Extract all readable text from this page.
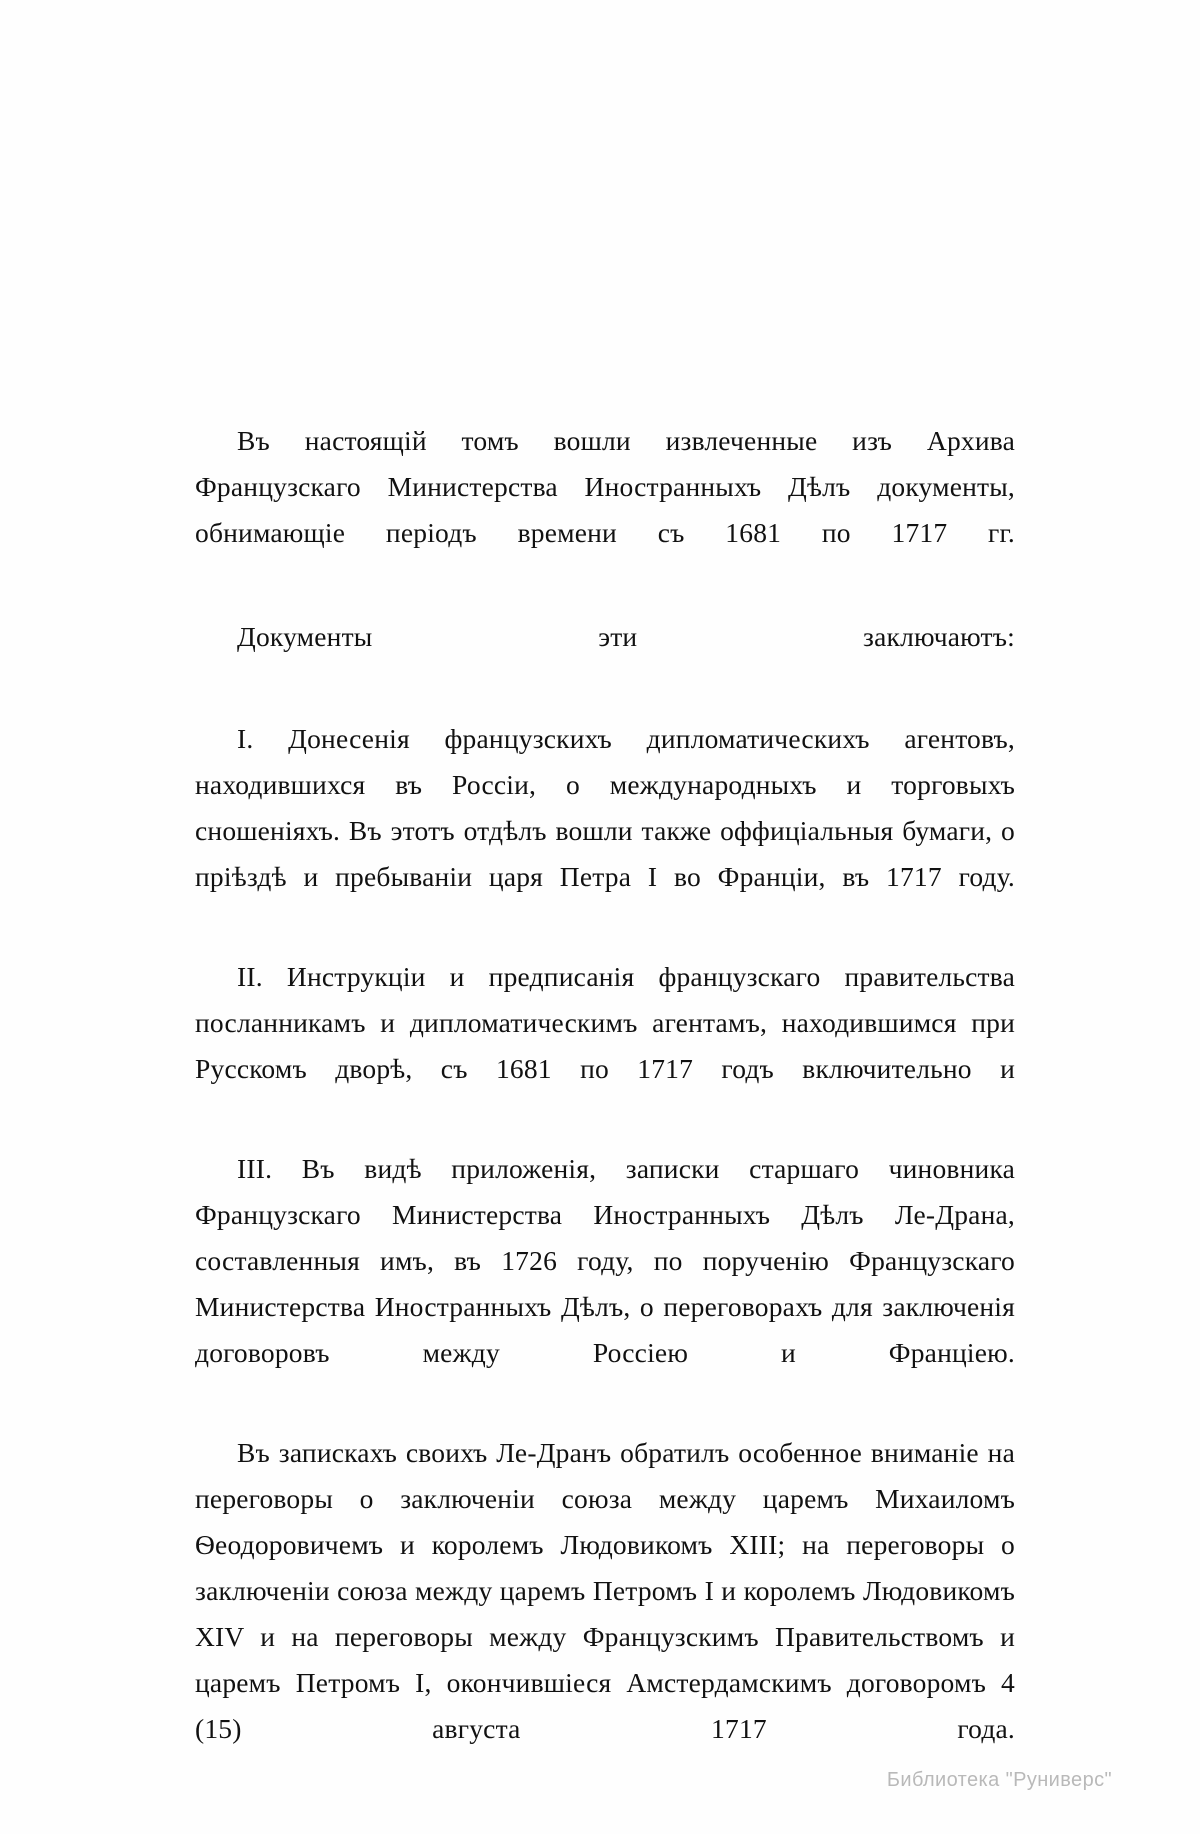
Въ настоящій томъ вошли извлеченные изъ Архива Французскаго Министерства Иностранныхъ Дѣлъ документы, обнимающіе періодъ времени съ 1681 по 1717 гг.

Документы эти заключаютъ:

I. Донесенія французскихъ дипломатическихъ агентовъ, находившихся въ Россіи, о международныхъ и торговыхъ сношеніяхъ. Въ этотъ отдѣлъ вошли также оффиціальныя бумаги, о пріѣздѣ и пребываніи царя Петра I во Франціи, въ 1717 году.

II. Инструкціи и предписанія французскаго правительства посланникамъ и дипломатическимъ агентамъ, находившимся при Русскомъ дворѣ, съ 1681 по 1717 годъ включительно и

III. Въ видѣ приложенія, записки старшаго чиновника Французскаго Министерства Иностранныхъ Дѣлъ Ле-Драна, составленныя имъ, въ 1726 году, по порученію Французскаго Министерства Иностранныхъ Дѣлъ, о переговорахъ для заключенія договоровъ между Россіею и Франціею.

Въ запискахъ своихъ Ле-Дранъ обратилъ особенное вниманіе на переговоры о заключеніи союза между царемъ Михаиломъ Ѳеодоровичемъ и королемъ Людовикомъ XIII; на переговоры о заключеніи союза между царемъ Петромъ I и королемъ Людовикомъ XIV и на переговоры между Французскимъ Правительствомъ и царемъ Петромъ I, окончившіеся Амстердамскимъ договоромъ 4 (15) августа 1717 года.

Библиотека "Руниверс"
